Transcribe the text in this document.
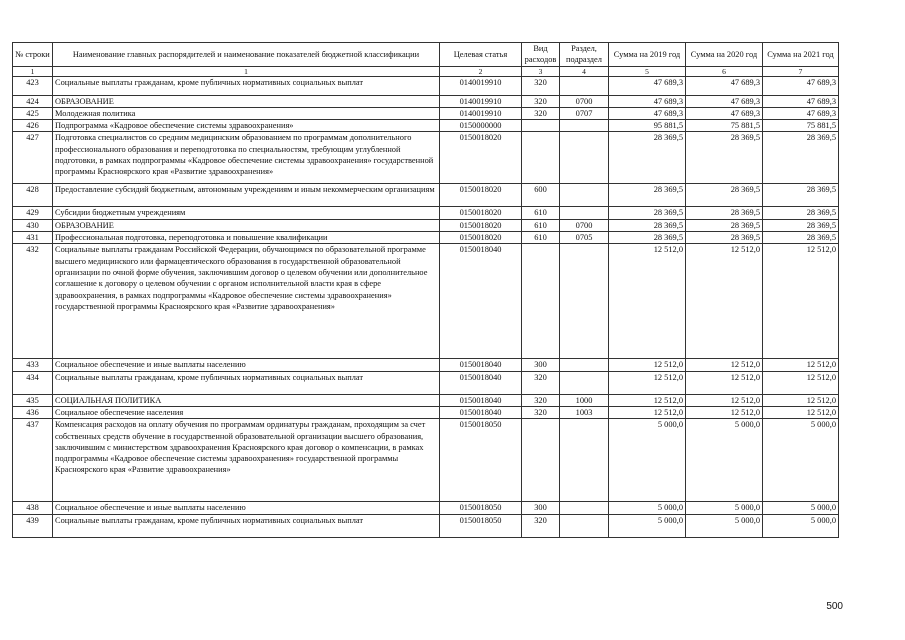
№ строки	Наименование главных распорядителей и наименование показателей бюджетной классификации	Целевая статья	Вид расходов	Раздел, подраздел	Сумма на 2019 год	Сумма на 2020 год	Сумма на 2021 год
1	1	2	3	4	5	6	7
423	Социальные выплаты гражданам, кроме публичных нормативных социальных выплат	0140019910	320		47 689,3	47 689,3	47 689,3
424	ОБРАЗОВАНИЕ	0140019910	320	0700	47 689,3	47 689,3	47 689,3
425	Молодежная политика	0140019910	320	0707	47 689,3	47 689,3	47 689,3
426	Подпрограмма «Кадровое обеспечение системы здравоохранения»	0150000000			95 881,5	75 881,5	75 881,5
427	Подготовка специалистов со средним медицинским образованием по программам дополнительного профессионального образования и переподготовка по специальностям, требующим углубленной подготовки, в рамках подпрограммы «Кадровое обеспечение системы здравоохранения» государственной программы Красноярского края «Развитие здравоохранения»	0150018020			28 369,5	28 369,5	28 369,5
428	Предоставление субсидий бюджетным, автономным учреждениям и иным некоммерческим организациям	0150018020	600		28 369,5	28 369,5	28 369,5
429	Субсидии бюджетным учреждениям	0150018020	610		28 369,5	28 369,5	28 369,5
430	ОБРАЗОВАНИЕ	0150018020	610	0700	28 369,5	28 369,5	28 369,5
431	Профессиональная подготовка, переподготовка и повышение квалификации	0150018020	610	0705	28 369,5	28 369,5	28 369,5
432	Социальные выплаты гражданам Российской Федерации, обучающимся по образовательной программе высшего медицинского или фармацевтического образования в государственной образовательной организации по очной форме обучения, заключившим договор о целевом обучении или дополнительное соглашение к договору о целевом обучении с органом исполнительной власти края в сфере здравоохранения, в рамках подпрограммы «Кадровое обеспечение системы здравоохранения» государственной программы Красноярского края «Развитие здравоохранения»	0150018040			12 512,0	12 512,0	12 512,0
433	Социальное обеспечение и иные выплаты населению	0150018040	300		12 512,0	12 512,0	12 512,0
434	Социальные выплаты гражданам, кроме публичных нормативных социальных выплат	0150018040	320		12 512,0	12 512,0	12 512,0
435	СОЦИАЛЬНАЯ ПОЛИТИКА	0150018040	320	1000	12 512,0	12 512,0	12 512,0
436	Социальное обеспечение населения	0150018040	320	1003	12 512,0	12 512,0	12 512,0
437	Компенсация расходов на оплату обучения по программам ординатуры гражданам, проходящим за счет собственных средств обучение в государственной образовательной организации высшего образования, заключившим с министерством здравоохранения Красноярского края договор о компенсации, в рамках подпрограммы «Кадровое обеспечение системы здравоохранения» государственной программы Красноярского края «Развитие здравоохранения»	0150018050			5 000,0	5 000,0	5 000,0
438	Социальное обеспечение и иные выплаты населению	0150018050	300		5 000,0	5 000,0	5 000,0
439	Социальные выплаты гражданам, кроме публичных нормативных социальных выплат	0150018050	320		5 000,0	5 000,0	5 000,0
500
